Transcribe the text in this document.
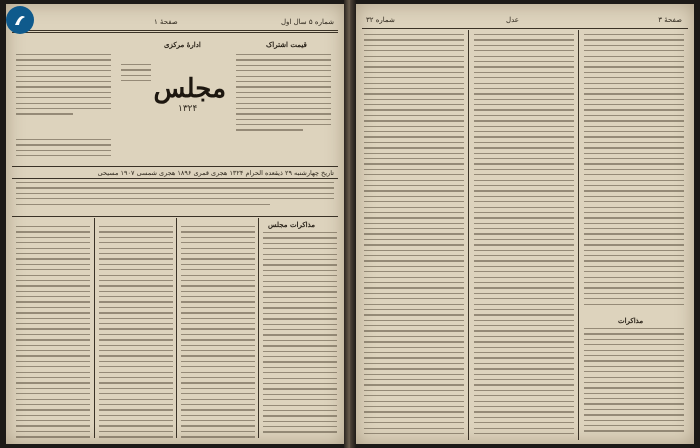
شماره ۵ سال اول
صفحهٔ ۱
قیمت اشتراک
ادارهٔ مرکزی
مجلس
۱۳۲۴
تاریخ چهارشنبه ۲۹ ذیقعده الحرام ۱۳۲۴ هجری قمری ۱۸۹۶ هجری شمسی ۱۹۰۷ مسیحی
مذاکرات مجلس
شماره ۳۲	عدل	صفحهٔ ۳
مذاکرات
